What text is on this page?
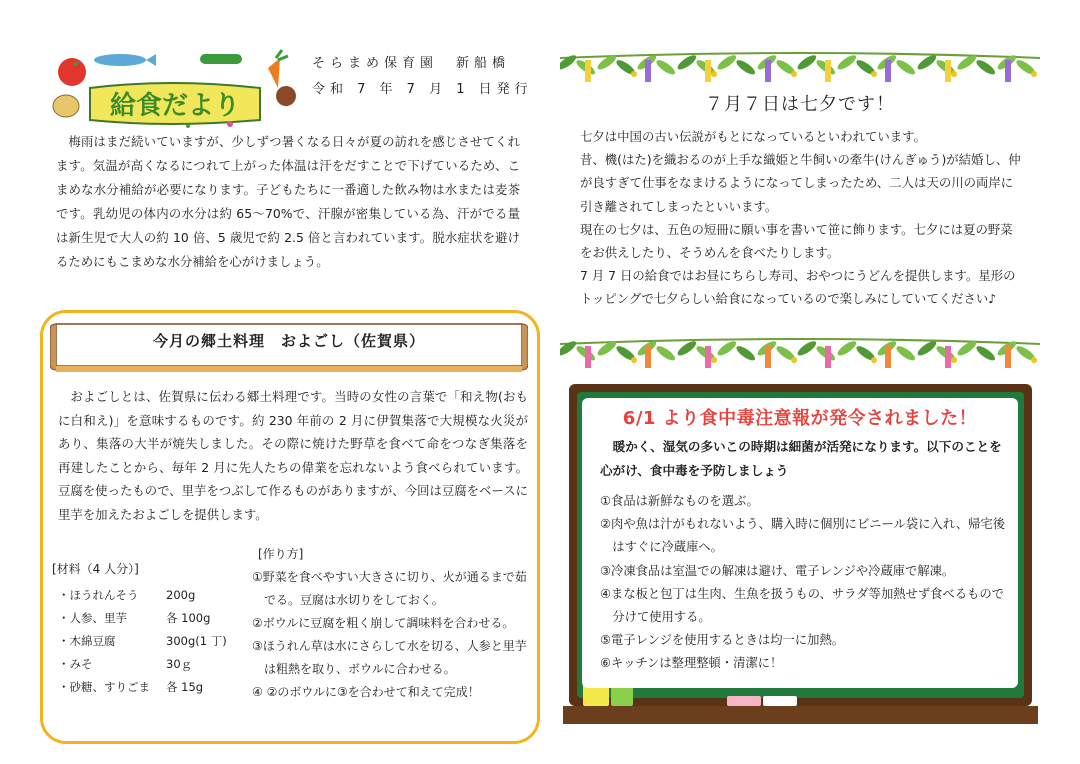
給食だより
そらまめ保育園　新船橋
令和 7 年 7 月 1 日発行

梅雨はまだ続いていますが、少しずつ暑くなる日々が夏の訪れを感じさせてくれます。気温が高くなるにつれて上がった体温は汗をだすことで下げているため、こまめな水分補給が必要になります。子どもたちに一番適した飲み物は水または麦茶です。乳幼児の体内の水分は約 65～70%で、汗腺が密集している為、汗がでる量は新生児で大人の約 10 倍、5 歳児で約 2.5 倍と言われています。脱水症状を避けるためにもこまめな水分補給を心がけましょう。

今月の郷土料理　およごし（佐賀県）

およごしとは、佐賀県に伝わる郷土料理です。当時の女性の言葉で「和え物(おもに白和え)」を意味するものです。約 230 年前の 2 月に伊賀集落で大規模な火災があり、集落の大半が焼失しました。その際に焼けた野草を食べて命をつなぎ集落を再建したことから、毎年 2 月に先人たちの偉業を忘れないよう食べられています。豆腐を使ったもので、里芋をつぶして作るものがありますが、今回は豆腐をベースに里芋を加えたおよごしを提供します。

[材料（4 人分）]
・ほうれんそう	200g
・人参、里芋	各 100g
・木綿豆腐	300g(1 丁)
・みそ	30ｇ
・砂糖、すりごま	各 15g
[作り方]
①野菜を食べやすい大きさに切り、火が通るまで茹でる。豆腐は水切りをしておく。
②ボウルに豆腐を粗く崩して調味料を合わせる。
③ほうれん草は水にさらして水を切る、人参と里芋は粗熱を取り、ボウルに合わせる。
④ ②のボウルに③を合わせて和えて完成！
７月７日は七夕です！

七夕は中国の古い伝説がもとになっているといわれています。

昔、機(はた)を織おるのが上手な織姫と牛飼いの牽牛(けんぎゅう)が結婚し、仲が良すぎて仕事をなまけるようになってしまったため、二人は天の川の両岸に引き離されてしまったといいます。

現在の七夕は、五色の短冊に願い事を書いて笹に飾ります。七夕には夏の野菜をお供えしたり、そうめんを食べたりします。

7 月 7 日の給食ではお昼にちらし寿司、おやつにうどんを提供します。星形のトッピングで七夕らしい給食になっているので楽しみにしていてください♪

6/1 より食中毒注意報が発令されました！

暖かく、湿気の多いこの時期は細菌が活発になります。以下のことを心がけ、食中毒を予防しましょう

①食品は新鮮なものを選ぶ。
②肉や魚は汁がもれないよう、購入時に個別にビニール袋に入れ、帰宅後はすぐに冷蔵庫へ。
③冷凍食品は室温での解凍は避け、電子レンジや冷蔵庫で解凍。
④まな板と包丁は生肉、生魚を扱うもの、サラダ等加熱せず食べるもので分けて使用する。
⑤電子レンジを使用するときは均一に加熱。
⑥キッチンは整理整頓・清潔に！
